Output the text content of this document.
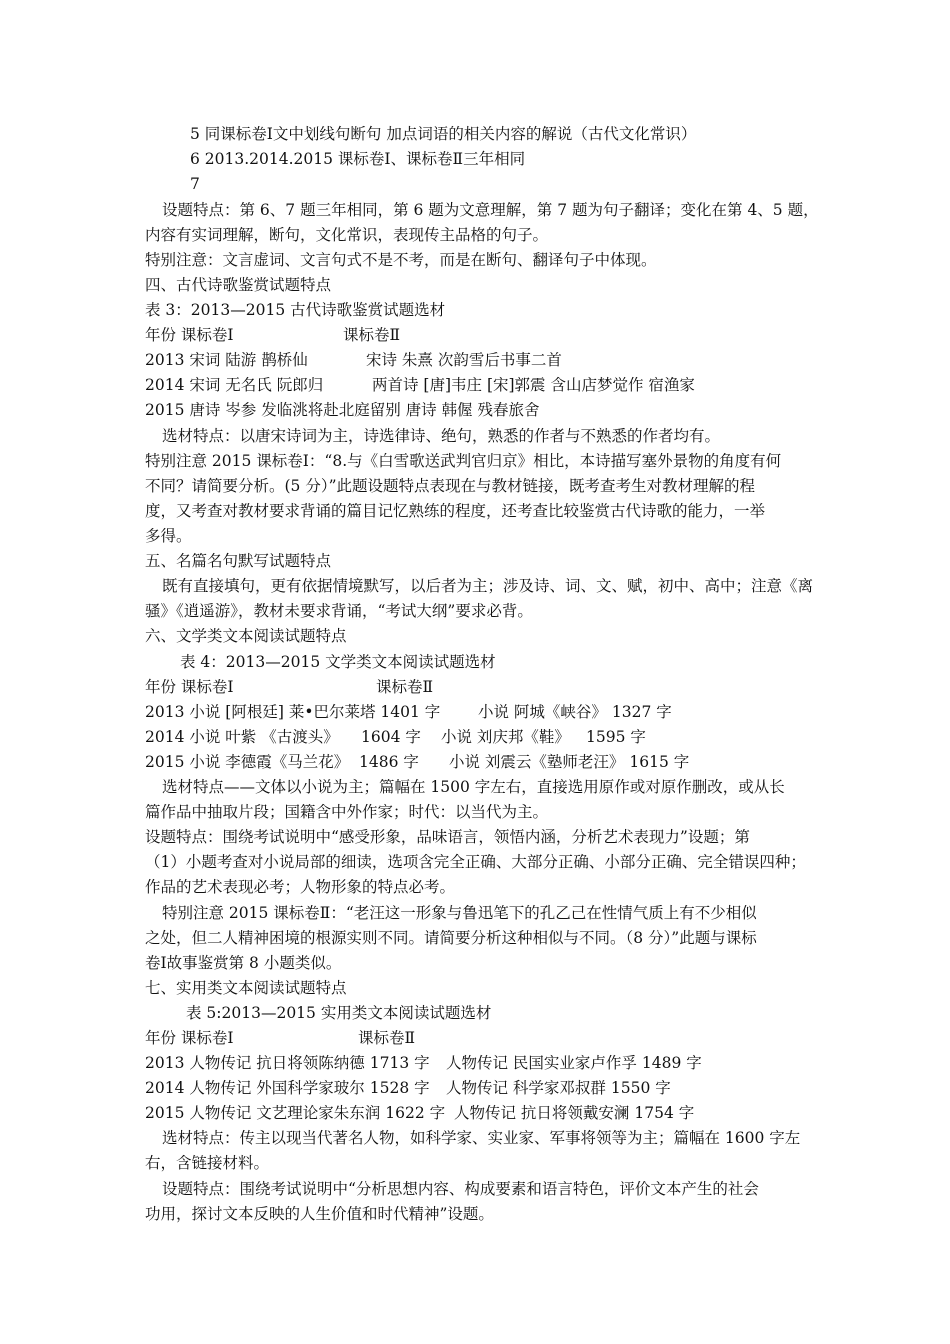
5 同课标卷Ⅰ文中划线句断句 加点词语的相关内容的解说（古代文化常识）
6 2013.2014.2015 课标卷Ⅰ、课标卷Ⅱ三年相同
7
设题特点：第 6、7 题三年相同，第 6 题为文意理解，第 7 题为句子翻译；变化在第 4、5 题，
内容有实词理解，断句，文化常识，表现传主品格的句子。
特别注意：文言虚词、文言句式不是不考，而是在断句、翻译句子中体现。
四、古代诗歌鉴赏试题特点
表 3：2013—2015 古代诗歌鉴赏试题选材
年份 课标卷Ⅰ	课标卷Ⅱ
2013 宋词 陆游 鹊桥仙	宋诗 朱熹 次韵雪后书事二首
2014 宋词 无名氏 阮郎归	两首诗 [唐]韦庄 [宋]郭震 含山店梦觉作 宿渔家
2015 唐诗 岑参 发临洮将赴北庭留别 唐诗 韩偓 残春旅舍
选材特点：以唐宋诗词为主，诗选律诗、绝句，熟悉的作者与不熟悉的作者均有。
特别注意 2015 课标卷Ⅰ：“8.与《白雪歌送武判官归京》相比，本诗描写塞外景物的角度有何
不同？请简要分析。(5 分）”此题设题特点表现在与教材链接，既考查考生对教材理解的程
度，又考查对教材要求背诵的篇目记忆熟练的程度，还考查比较鉴赏古代诗歌的能力，一举
多得。
五、名篇名句默写试题特点
既有直接填句，更有依据情境默写，以后者为主；涉及诗、词、文、赋，初中、高中；注意《离
骚》《逍遥游》，教材未要求背诵，“考试大纲”要求必背。
六、文学类文本阅读试题特点
表 4：2013—2015 文学类文本阅读试题选材
年份 课标卷Ⅰ	课标卷Ⅱ
2013 小说 [阿根廷] 莱•巴尔莱塔 1401 字 小说 阿城《峡谷》 1327 字
2014 小说 叶紫 《古渡头》 1604 字 小说 刘庆邦《鞋》 1595 字
2015 小说 李德霞《马兰花》 1486 字 小说 刘震云《塾师老汪》 1615 字
选材特点——文体以小说为主；篇幅在 1500 字左右，直接选用原作或对原作删改，或从长
篇作品中抽取片段；国籍含中外作家；时代：以当代为主。
设题特点：围绕考试说明中“感受形象，品味语言，领悟内涵，分析艺术表现力”设题；第
（1）小题考查对小说局部的细读，选项含完全正确、大部分正确、小部分正确、完全错误四种；
作品的艺术表现必考；人物形象的特点必考。
特别注意 2015 课标卷Ⅱ：“老汪这一形象与鲁迅笔下的孔乙己在性情气质上有不少相似
之处，但二人精神困境的根源实则不同。请简要分析这种相似与不同。（8 分）”此题与课标
卷Ⅰ故事鉴赏第 8 小题类似。
七、实用类文本阅读试题特点
表 5:2013—2015 实用类文本阅读试题选材
年份 课标卷Ⅰ	课标卷Ⅱ
2013 人物传记 抗日将领陈纳德 1713 字 人物传记 民国实业家卢作孚 1489 字
2014 人物传记 外国科学家玻尔 1528 字 人物传记 科学家邓叔群 1550 字
2015 人物传记 文艺理论家朱东润 1622 字 人物传记 抗日将领戴安澜 1754 字
选材特点：传主以现当代著名人物，如科学家、实业家、军事将领等为主；篇幅在 1600 字左
右，含链接材料。
设题特点：围绕考试说明中“分析思想内容、构成要素和语言特色，评价文本产生的社会
功用，探讨文本反映的人生价值和时代精神”设题。
